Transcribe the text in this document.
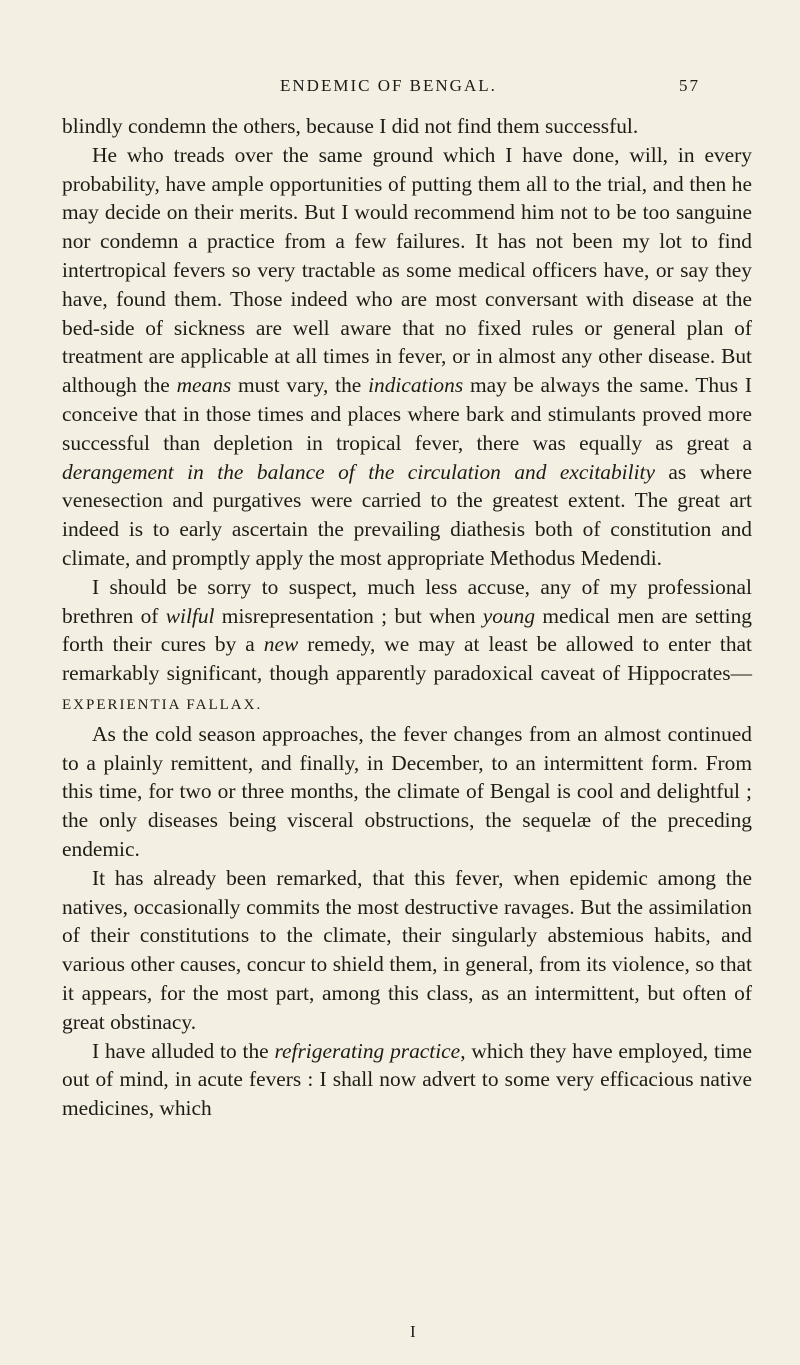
ENDEMIC OF BENGAL.	57

blindly condemn the others, because I did not find them successful.

He who treads over the same ground which I have done, will, in every probability, have ample opportunities of putting them all to the trial, and then he may decide on their merits. But I would recommend him not to be too sanguine nor condemn a practice from a few failures. It has not been my lot to find intertropical fevers so very tractable as some medical officers have, or say they have, found them. Those indeed who are most conversant with disease at the bed-side of sickness are well aware that no fixed rules or general plan of treatment are applicable at all times in fever, or in almost any other disease. But although the means must vary, the indications may be always the same. Thus I conceive that in those times and places where bark and stimulants proved more successful than depletion in tropical fever, there was equally as great a derangement in the balance of the circulation and excitability as where venesection and purgatives were carried to the greatest extent. The great art indeed is to early ascertain the prevailing diathesis both of constitution and climate, and promptly apply the most appropriate Methodus Medendi.

I should be sorry to suspect, much less accuse, any of my professional brethren of wilful misrepresentation ; but when young medical men are setting forth their cures by a new remedy, we may at least be allowed to enter that remarkably significant, though apparently paradoxical caveat of Hippocrates—EXPERIENTIA FALLAX.

As the cold season approaches, the fever changes from an almost continued to a plainly remittent, and finally, in December, to an intermittent form. From this time, for two or three months, the climate of Bengal is cool and delightful ; the only diseases being visceral obstructions, the sequelæ of the preceding endemic.

It has already been remarked, that this fever, when epidemic among the natives, occasionally commits the most destructive ravages. But the assimilation of their constitutions to the climate, their singularly abstemious habits, and various other causes, concur to shield them, in general, from its violence, so that it appears, for the most part, among this class, as an intermittent, but often of great obstinacy.

I have alluded to the refrigerating practice, which they have employed, time out of mind, in acute fevers : I shall now advert to some very efficacious native medicines, which

I
